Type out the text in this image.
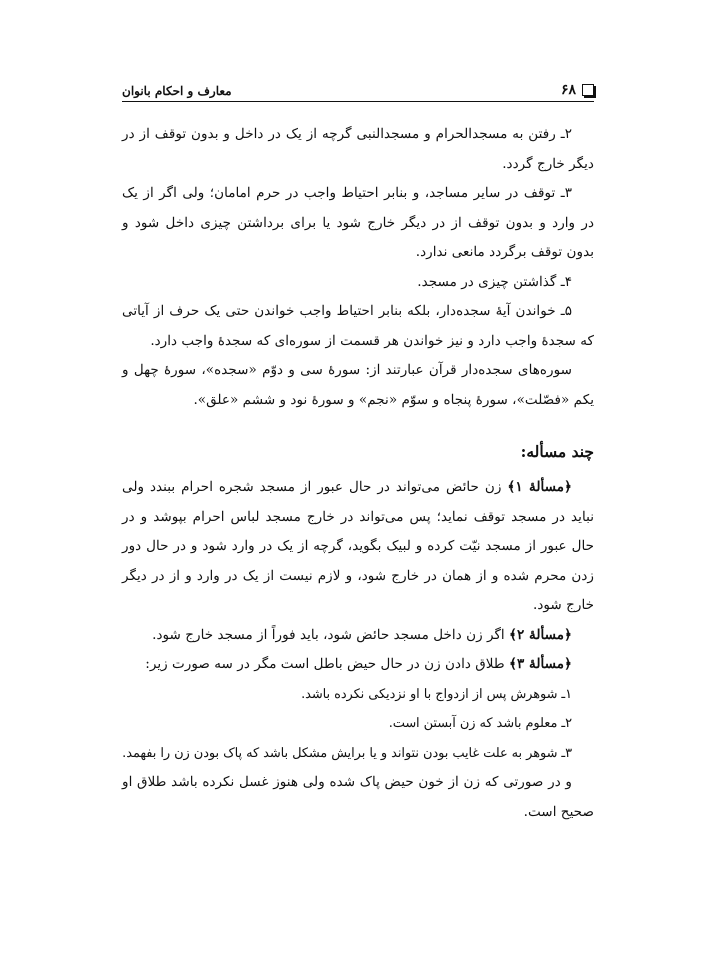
۶۸
معارف و احکام بانوان

۲ـ رفتن به مسجدالحرام و مسجدالنبی گرچه از یک در داخل و بدون توقف از در دیگر خارج گردد.

۳ـ توقف در سایر مساجد، و بنابر احتیاط واجب در حرم امامان؛ ولی اگر از یک در وارد و بدون توقف از در دیگر خارج شود یا برای برداشتن چیزی داخل شود و بدون توقف برگردد مانعی ندارد.

۴ـ گذاشتن چیزی در مسجد.

۵ـ خواندن آیهٔ سجده‌دار، بلکه بنابر احتیاط واجب خواندن حتی یک حرف از آیاتی که سجدهٔ واجب دارد و نیز خواندن هر قسمت از سوره‌ای که سجدهٔ واجب دارد.

سوره‌های سجده‌دار قرآن عبارتند از: سورهٔ سی و دوّم «سجده»، سورهٔ چهل و یکم «فصّلت»، سورهٔ پنجاه و سوّم «نجم» و سورهٔ نود و ششم «علق».

چند مسأله:

﴿مسألهٔ ۱﴾ زن حائض می‌تواند در حال عبور از مسجد شجره احرام ببندد ولی نباید در مسجد توقف نماید؛ پس می‌تواند در خارج مسجد لباس احرام بپوشد و در حال عبور از مسجد نیّت کرده و لبیک بگوید، گرچه از یک در وارد شود و در حال دور زدن محرم شده و از همان در خارج شود، و لازم نیست از یک در وارد و از در دیگر خارج شود.

﴿مسألهٔ ۲﴾ اگر زن داخل مسجد حائض شود، باید فوراً از مسجد خارج شود.

﴿مسألهٔ ۳﴾ طلاق دادن زن در حال حیض باطل است مگر در سه صورت زیر:

۱ـ شوهرش پس از ازدواج با او نزدیکی نکرده باشد.

۲ـ معلوم باشد که زن آبستن است.

۳ـ شوهر به علت غایب بودن نتواند و یا برایش مشکل باشد که پاک بودن زن را بفهمد.

و در صورتی که زن از خون حیض پاک شده ولی هنوز غسل نکرده باشد طلاق او صحیح است.
